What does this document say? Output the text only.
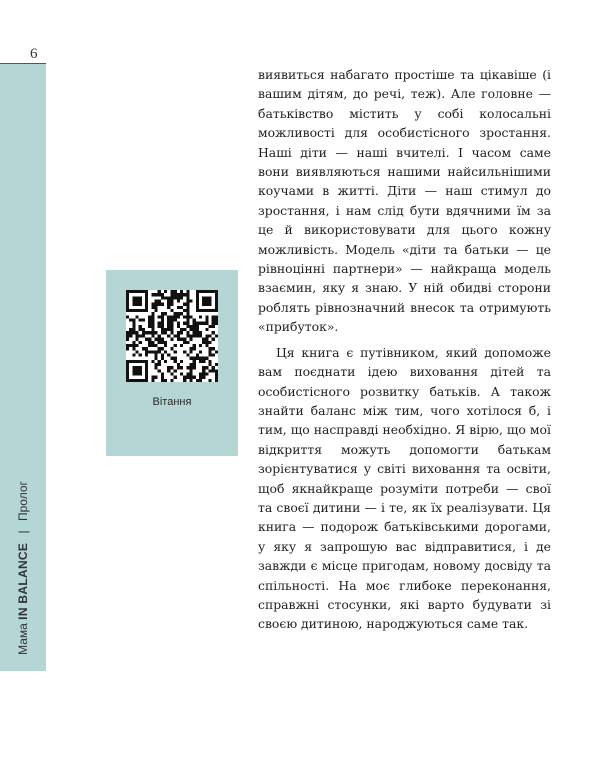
6
Мама IN BALANCE | Пролог
Вітання

виявиться набагато простіше та цікавіше (і вашим дітям, до речі, теж). Але головне — батьківство містить у собі колосальні можливості для особистісного зростання. Наші діти — наші вчителі. І часом саме вони виявляються нашими найсильнішими коучами в житті. Діти — наш стимул до зростання, і нам слід бути вдячними їм за це й використовувати для цього кожну можливість. Модель «діти та батьки — це рівноцінні партнери» — найкраща модель взаємин, яку я знаю. У ній обидві сторони роблять рівнозначний внесок та отримують «прибуток».

Ця книга є путівником, який допоможе вам поєднати ідею виховання дітей та особистісного розвитку батьків. А також знайти баланс між тим, чого хотілося б, і тим, що насправді необхідно. Я вірю, що мої відкриття можуть допомогти батькам зорієнтуватися у світі виховання та освіти, щоб якнайкраще розуміти потреби — свої та своєї дитини — і те, як їх реалізувати. Ця книга — подорож батьківськими дорогами, у яку я запрошую вас відправитися, і де завжди є місце пригодам, новому досвіду та спільності. На моє глибоке переконання, справжні стосунки, які варто будувати зі своєю дитиною, народжуються саме так.
